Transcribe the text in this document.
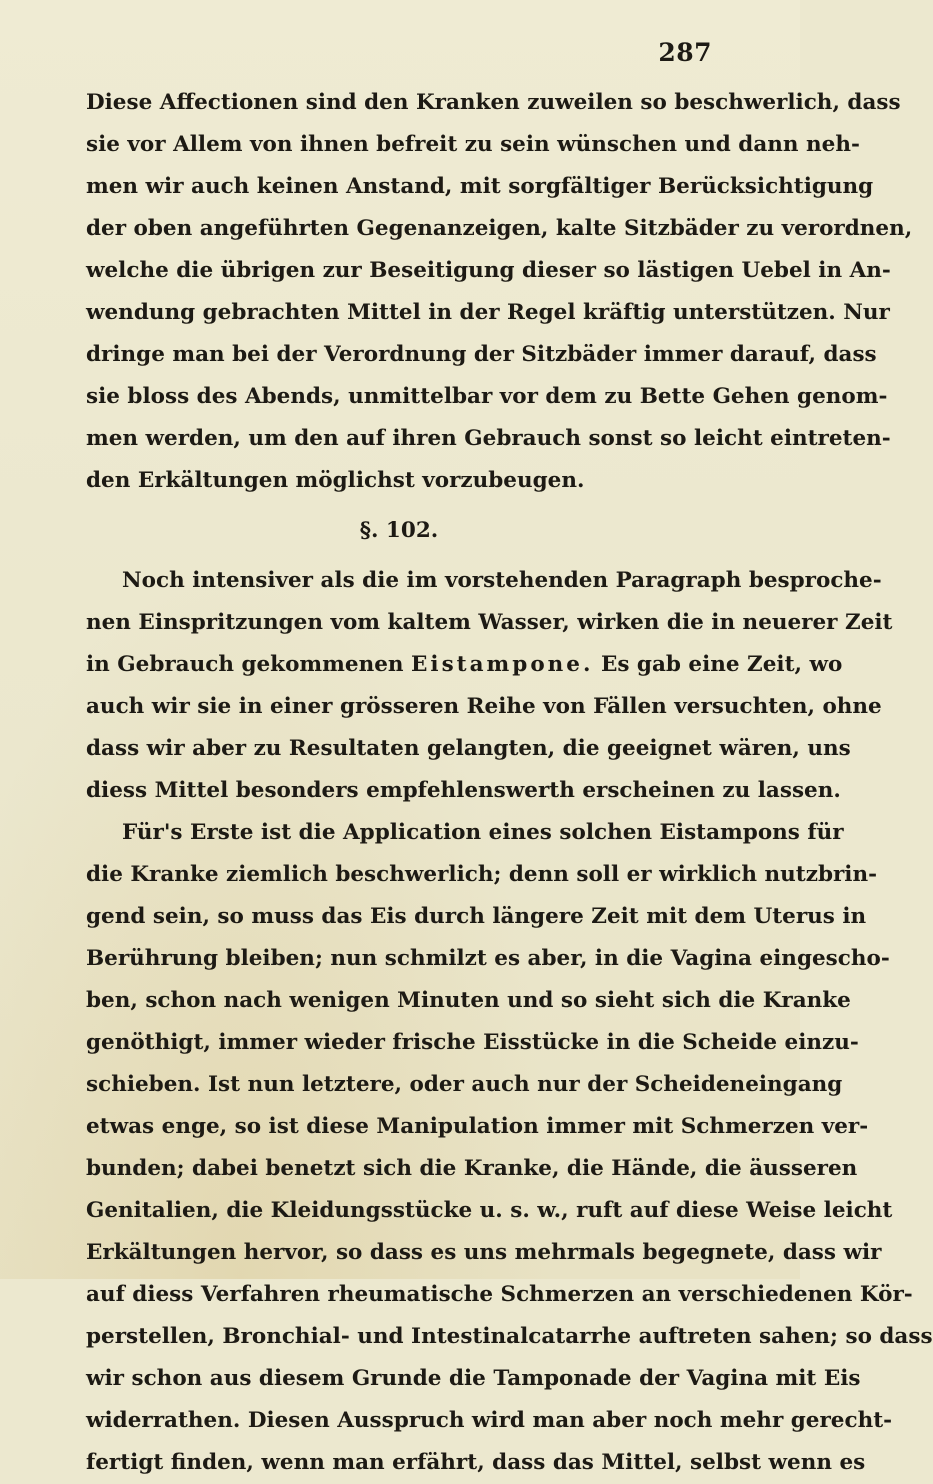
287
Diese Affectionen sind den Kranken zuweilen so beschwerlich, dass
sie vor Allem von ihnen befreit zu sein wünschen und dann neh-
men wir auch keinen Anstand, mit sorgfältiger Berücksichtigung
der oben angeführten Gegenanzeigen, kalte Sitzbäder zu verordnen,
welche die übrigen zur Beseitigung dieser so lästigen Uebel in An-
wendung gebrachten Mittel in der Regel kräftig unterstützen. Nur
dringe man bei der Verordnung der Sitzbäder immer darauf, dass
sie bloss des Abends, unmittelbar vor dem zu Bette Gehen genom-
men werden, um den auf ihren Gebrauch sonst so leicht eintreten-
den Erkältungen möglichst vorzubeugen.
§. 102.
Noch intensiver als die im vorstehenden Paragraph besproche-
nen Einspritzungen vom kaltem Wasser, wirken die in neuerer Zeit
in Gebrauch gekommenen Eistampone. Es gab eine Zeit, wo
auch wir sie in einer grösseren Reihe von Fällen versuchten, ohne
dass wir aber zu Resultaten gelangten, die geeignet wären, uns
diess Mittel besonders empfehlenswerth erscheinen zu lassen.
Für's Erste ist die Application eines solchen Eistampons für
die Kranke ziemlich beschwerlich; denn soll er wirklich nutzbrin-
gend sein, so muss das Eis durch längere Zeit mit dem Uterus in
Berührung bleiben; nun schmilzt es aber, in die Vagina eingescho-
ben, schon nach wenigen Minuten und so sieht sich die Kranke
genöthigt, immer wieder frische Eisstücke in die Scheide einzu-
schieben. Ist nun letztere, oder auch nur der Scheideneingang
etwas enge, so ist diese Manipulation immer mit Schmerzen ver-
bunden; dabei benetzt sich die Kranke, die Hände, die äusseren
Genitalien, die Kleidungsstücke u. s. w., ruft auf diese Weise leicht
Erkältungen hervor, so dass es uns mehrmals begegnete, dass wir
auf diess Verfahren rheumatische Schmerzen an verschiedenen Kör-
perstellen, Bronchial- und Intestinalcatarrhe auftreten sahen; so dass
wir schon aus diesem Grunde die Tamponade der Vagina mit Eis
widerrathen. Diesen Ausspruch wird man aber noch mehr gerecht-
fertigt finden, wenn man erfährt, dass das Mittel, selbst wenn es
